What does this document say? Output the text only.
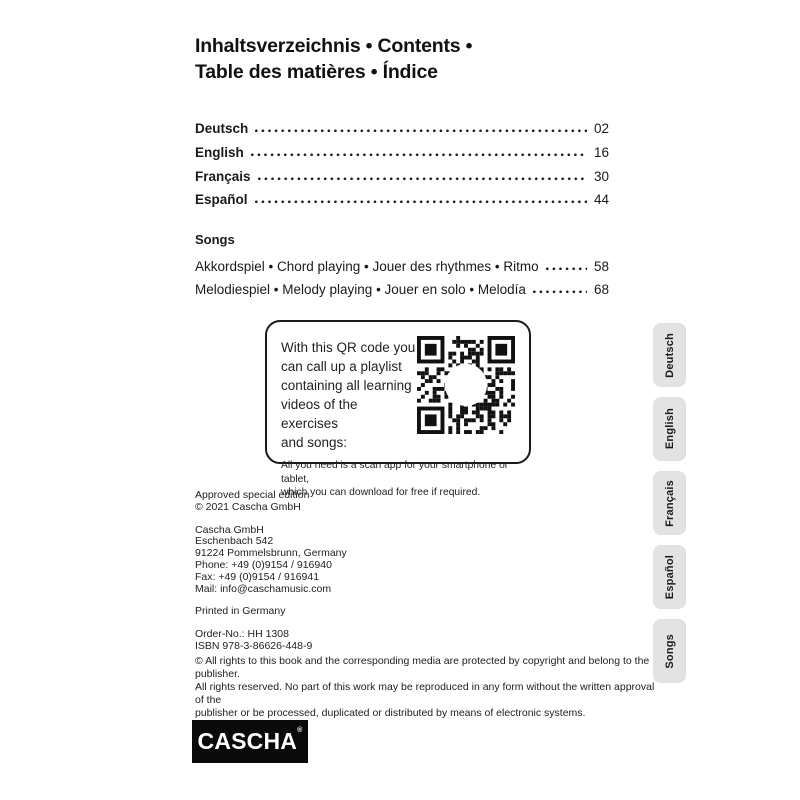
Inhaltsverzeichnis • Contents •
Table des matières • Índice
Deutsch	02
English	16
Français	30
Español	44
Songs
Akkordspiel • Chord playing • Jouer des rhythmes • Ritmo	58
Melodiespiel • Melody playing • Jouer en solo • Melodía	68
With this QR code you
can call up a playlist
containing all learning
videos of the exercises
and songs:
All you need is a scan app for your smartphone or tablet,
which you can download for free if required.
Approved special edition
© 2021 Cascha GmbH
Cascha GmbH
Eschenbach 542
91224 Pommelsbrunn, Germany
Phone: +49 (0)9154 / 916940
Fax: +49 (0)9154 / 916941
Mail: info@caschamusic.com
Printed in Germany
Order-No.: HH 1308
ISBN 978-3-86626-448-9
© All rights to this book and the corresponding media are protected by copyright and belong to the publisher.
All rights reserved. No part of this work may be reproduced in any form without the written approval of the
publisher or be processed, duplicated or distributed by means of electronic systems.
CASCHA®
Deutsch
English
Français
Español
Songs
